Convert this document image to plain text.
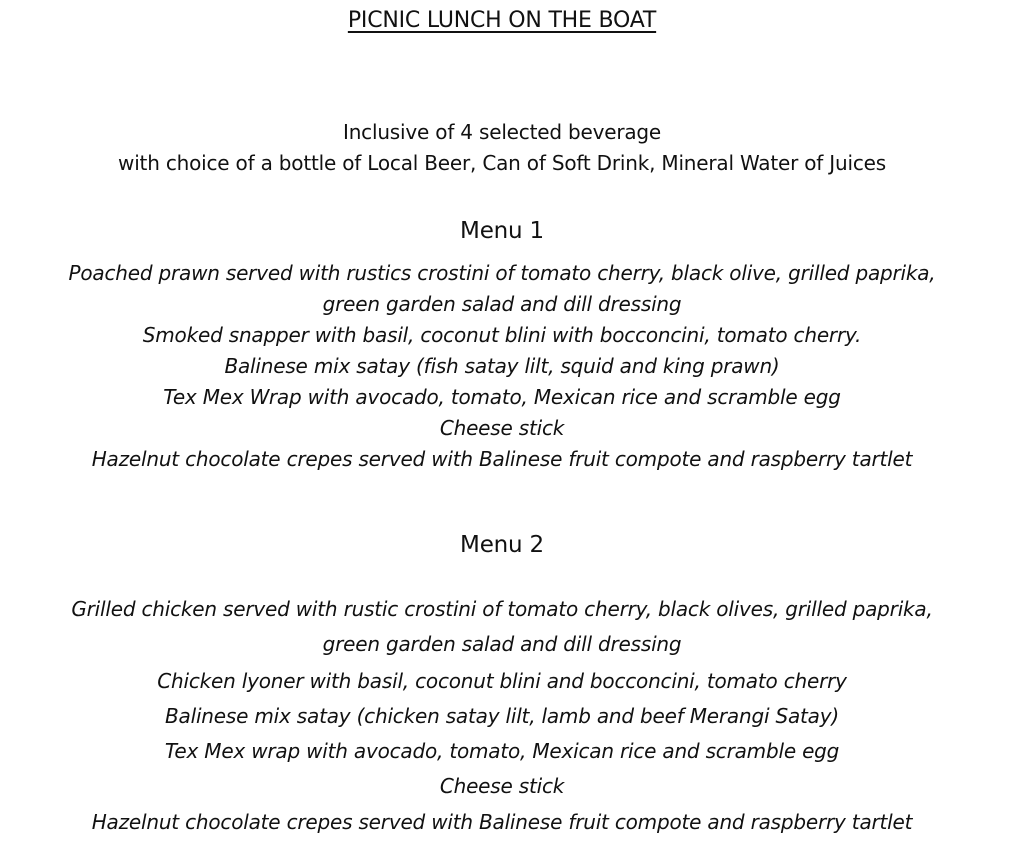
PICNIC LUNCH ON THE BOAT
Inclusive of 4 selected beverage
with choice of a bottle of Local Beer, Can of Soft Drink, Mineral Water of Juices
Menu 1
Poached prawn served with rustics crostini of tomato cherry, black olive, grilled paprika,
green garden salad and dill dressing
Smoked snapper with basil, coconut blini with bocconcini, tomato cherry.
Balinese mix satay (fish satay lilt, squid and king prawn)
Tex Mex Wrap with avocado, tomato, Mexican rice and scramble egg
Cheese stick
Hazelnut chocolate crepes served with Balinese fruit compote and raspberry tartlet
Menu 2
Grilled chicken served with rustic crostini of tomato cherry, black olives, grilled paprika,
green garden salad and dill dressing
Chicken lyoner with basil, coconut blini and bocconcini, tomato cherry
Balinese mix satay (chicken satay lilt, lamb and beef Merangi Satay)
Tex Mex wrap with avocado, tomato, Mexican rice and scramble egg
Cheese stick
Hazelnut chocolate crepes served with Balinese fruit compote and raspberry tartlet
